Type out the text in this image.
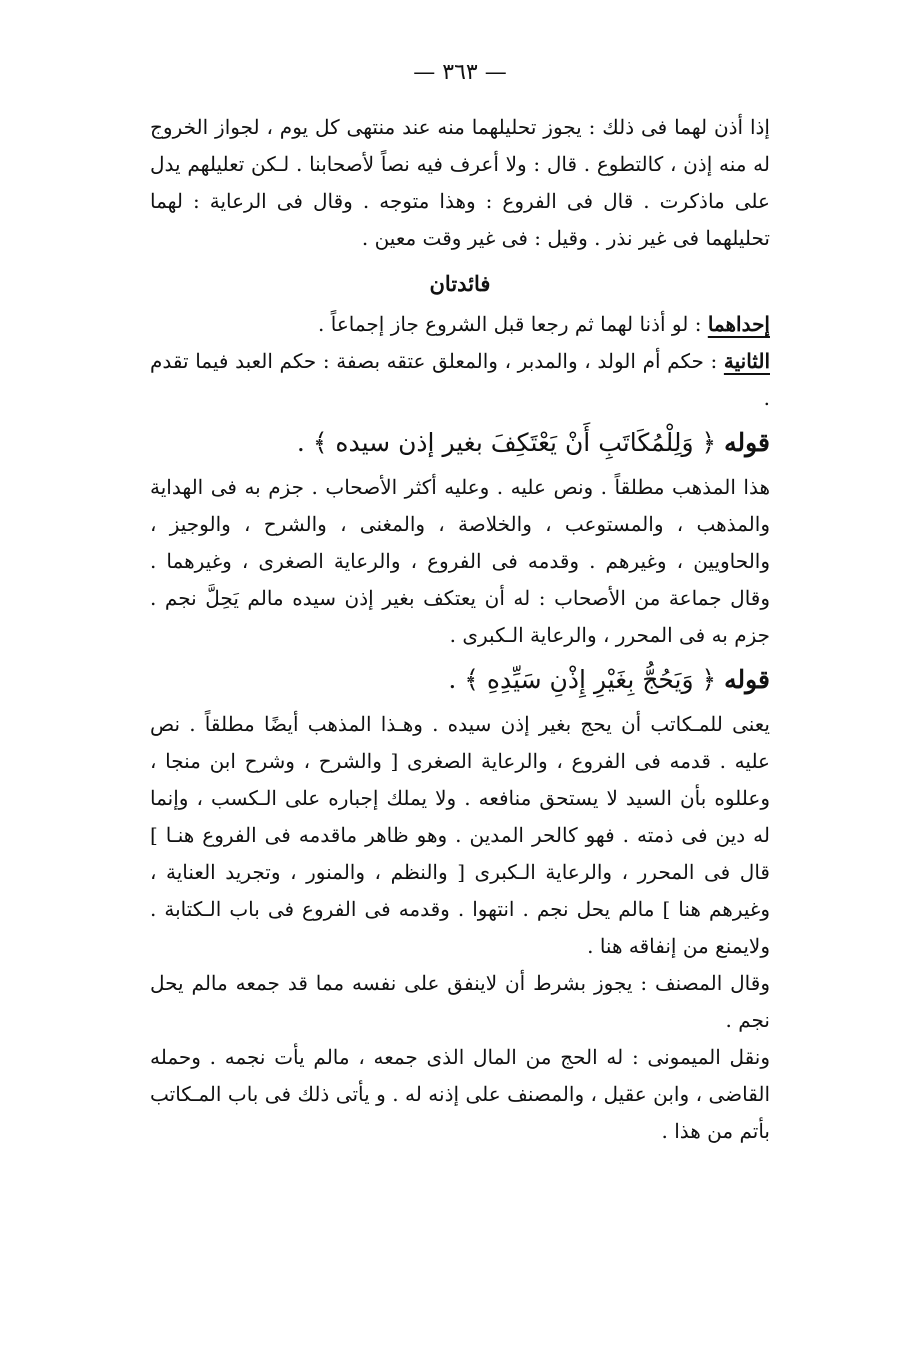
— ٣٦٣ —

إذا أذن لهما فى ذلك : يجوز تحليلهما منه عند منتهى كل يوم ، لجواز الخروج له منه إذن ، كالتطوع . قال : ولا أعرف فيه نصاً لأصحابنا . لـكن تعليلهم يدل على ماذكرت . قال فى الفروع : وهذا متوجه . وقال فى الرعاية : لهما تحليلهما فى غير نذر . وقيل : فى غير وقت معين .

فائدتان

إحداهما : لو أذنا لهما ثم رجعا قبل الشروع جاز إجماعاً .

الثانية : حكم أم الولد ، والمدبر ، والمعلق عتقه بصفة : حكم العبد فيما تقدم .

قوله ﴿ وَلِلْمُكَاتَبِ أَنْ يَعْتَكِفَ بغير إذن سيده ﴾ .

هذا المذهب مطلقاً . ونص عليه . وعليه أكثر الأصحاب . جزم به فى الهداية والمذهب ، والمستوعب ، والخلاصة ، والمغنى ، والشرح ، والوجيز ، والحاويين ، وغيرهم . وقدمه فى الفروع ، والرعاية الصغرى ، وغيرهما . وقال جماعة من الأصحاب : له أن يعتكف بغير إذن سيده مالم يَحِلَّ نجم . جزم به فى المحرر ، والرعاية الـكبرى .

قوله ﴿ وَيَحُجُّ بِغَيْرِ إِذْنِ سَيِّدِهِ ﴾ .

يعنى للمـكاتب أن يحج بغير إذن سيده . وهـذا المذهب أيضًا مطلقاً . نص عليه . قدمه فى الفروع ، والرعاية الصغرى [ والشرح ، وشرح ابن منجا ، وعللوه بأن السيد لا يستحق منافعه . ولا يملك إجباره على الـكسب ، وإنما له دين فى ذمته . فهو كالحر المدين . وهو ظاهر ماقدمه فى الفروع هنـا ] قال فى المحرر ، والرعاية الـكبرى [ والنظم ، والمنور ، وتجريد العناية ، وغيرهم هنا ] مالم يحل نجم . انتهوا . وقدمه فى الفروع فى باب الـكتابة . ولايمنع من إنفاقه هنا .

وقال المصنف : يجوز بشرط أن لاينفق على نفسه مما قد جمعه مالم يحل نجم .

ونقل الميمونى : له الحج من المال الذى جمعه ، مالم يأت نجمه . وحمله القاضى ، وابن عقيل ، والمصنف على إذنه له . و يأتى ذلك فى باب المـكاتب بأتم من هذا .
